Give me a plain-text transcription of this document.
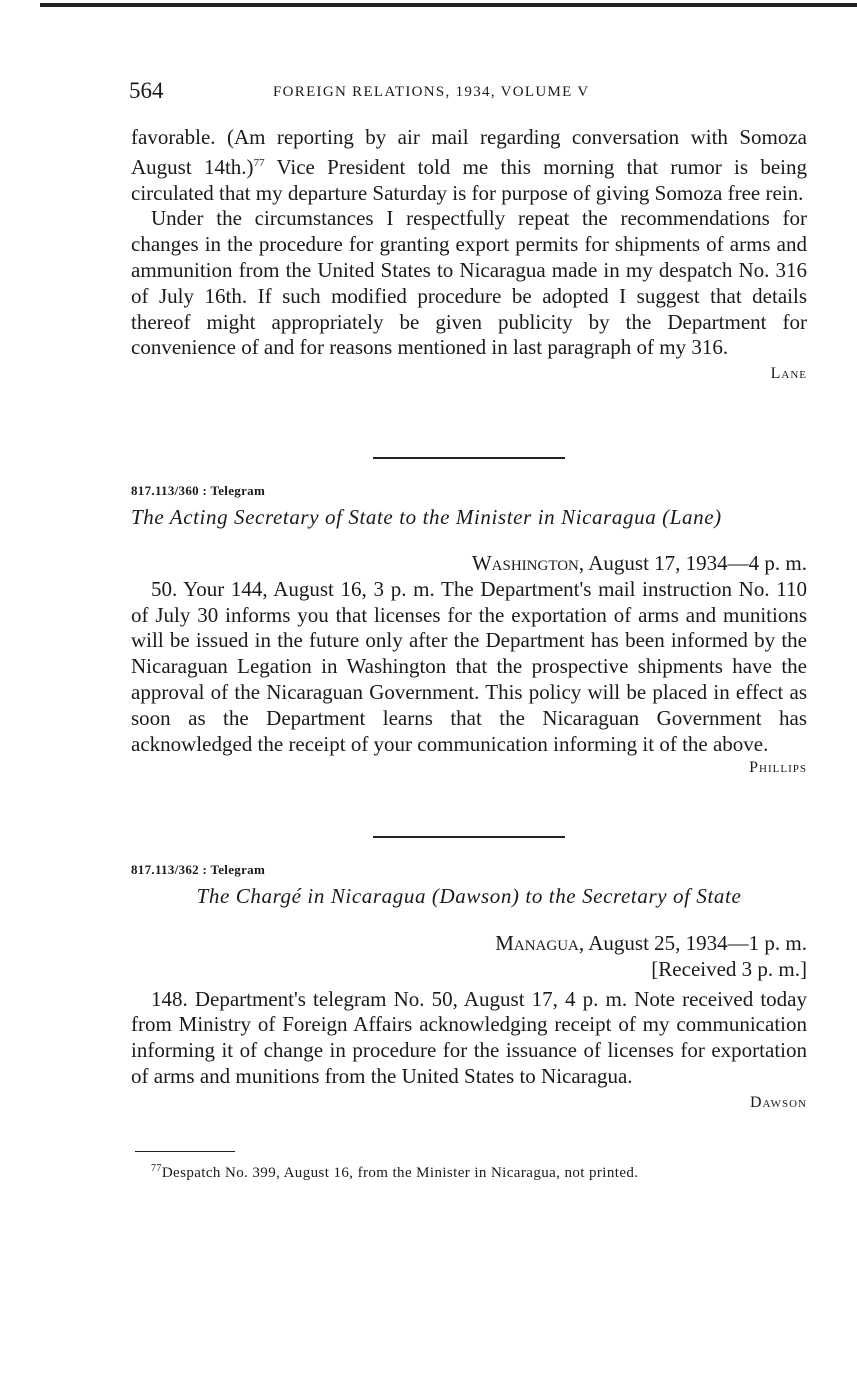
564	FOREIGN RELATIONS, 1934, VOLUME V

favorable. (Am reporting by air mail regarding conversation with Somoza August 14th.)$^{77}$ Vice President told me this morning that rumor is being circulated that my departure Saturday is for purpose of giving Somoza free rein.

Under the circumstances I respectfully repeat the recommendations for changes in the procedure for granting export permits for shipments of arms and ammunition from the United States to Nicaragua made in my despatch No. 316 of July 16th. If such modified procedure be adopted I suggest that details thereof might appropriately be given publicity by the Department for convenience of and for reasons mentioned in last paragraph of my 316.

Lane

817.113/360 : Telegram

The Acting Secretary of State to the Minister in Nicaragua (Lane)

Washington, August 17, 1934—4 p. m.

50. Your 144, August 16, 3 p. m. The Department's mail instruction No. 110 of July 30 informs you that licenses for the exportation of arms and munitions will be issued in the future only after the Department has been informed by the Nicaraguan Legation in Washington that the prospective shipments have the approval of the Nicaraguan Government. This policy will be placed in effect as soon as the Department learns that the Nicaraguan Government has acknowledged the receipt of your communication informing it of the above.

Phillips

817.113/362 : Telegram

The Chargé in Nicaragua (Dawson) to the Secretary of State

Managua, August 25, 1934—1 p. m.

[Received 3 p. m.]

148. Department's telegram No. 50, August 17, 4 p. m. Note received today from Ministry of Foreign Affairs acknowledging receipt of my communication informing it of change in procedure for the issuance of licenses for exportation of arms and munitions from the United States to Nicaragua.

Dawson

$^{77}$Despatch No. 399, August 16, from the Minister in Nicaragua, not printed.
